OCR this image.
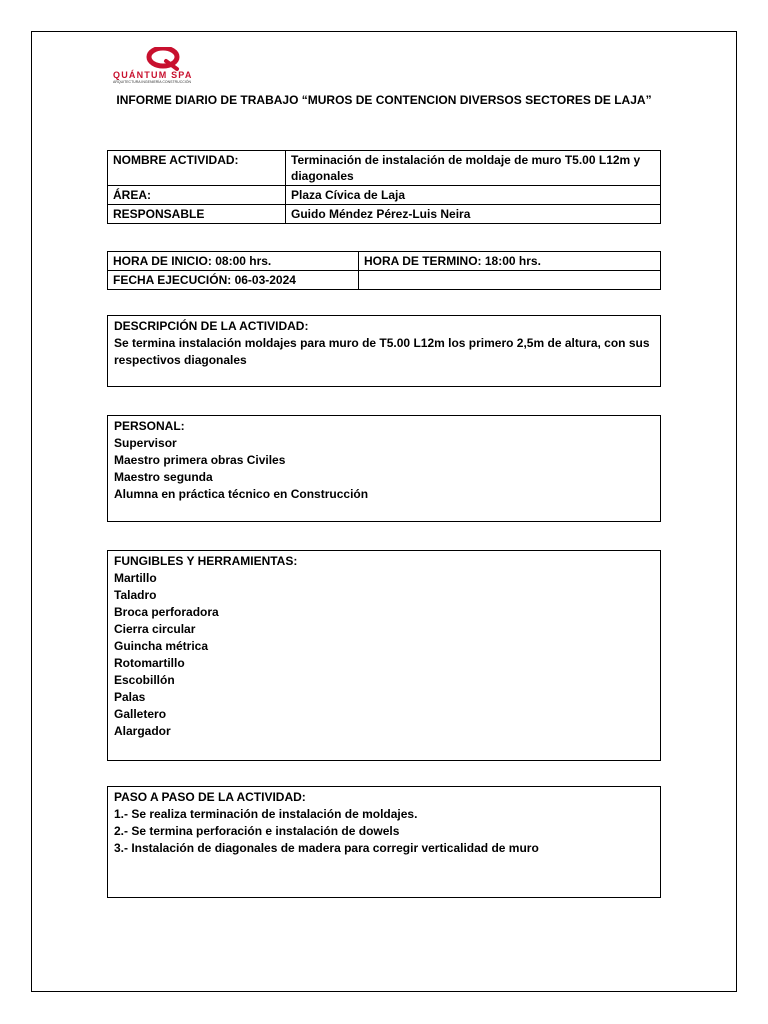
QUÁNTUM SPA
ARQUITECTURA INGENIERÍA CONSTRUCCIÓN
INFORME DIARIO DE TRABAJO “MUROS DE CONTENCION DIVERSOS SECTORES DE LAJA”
NOMBRE ACTIVIDAD:	Terminación de instalación de moldaje de muro T5.00 L12m y diagonales
ÁREA:	Plaza Cívica de Laja
RESPONSABLE	Guido Méndez Pérez-Luis Neira
HORA DE INICIO: 08:00 hrs.	HORA DE TERMINO: 18:00 hrs.
FECHA EJECUCIÓN: 06-03-2024	
DESCRIPCIÓN DE LA ACTIVIDAD:
Se termina instalación moldajes para muro de T5.00 L12m los primero 2,5m de altura, con sus respectivos diagonales
PERSONAL:
Supervisor
Maestro primera obras Civiles
Maestro segunda
Alumna en práctica técnico en Construcción
FUNGIBLES Y HERRAMIENTAS:
Martillo
Taladro
Broca perforadora
Cierra circular
Guincha métrica
Rotomartillo
Escobillón
Palas
Galletero
Alargador
PASO A PASO DE LA ACTIVIDAD:
1.- Se realiza terminación de instalación de moldajes.
2.- Se termina perforación e instalación de dowels
3.- Instalación de diagonales de madera para corregir verticalidad de muro
